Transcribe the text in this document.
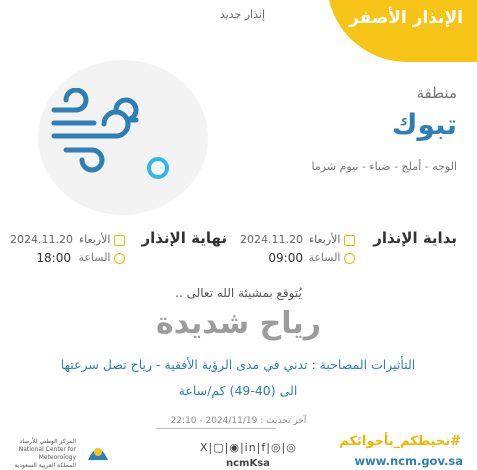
الإنذار الأصفر
إنذار جديد
منطقة
تبوك
الوجه - أملج - ضباء - نيوم شرما
بداية الإنذار
الأربعاء
2024.11.20
الساعة
09:00
نهاية الإنذار
الأربعاء
2024.11.20
الساعة
18:00
يُتوقع بمشيئة الله تعالى ..
رياح شديدة
التأثيرات المصاحبة : تدني في مدى الرؤية الأفقية - رياح تصل سرعتها
الى (40-49) كم/ساعة
آخر تحديث : 2024/11/19 - 22:10
#نحيطكم_بأجوائكم
www.ncm.gov.sa
X|▢|◉|in|f|◎|◎
ncmKsa
المركز الوطني للأرصاد
National Center for Meteorology
المملكة العربية السعودية
